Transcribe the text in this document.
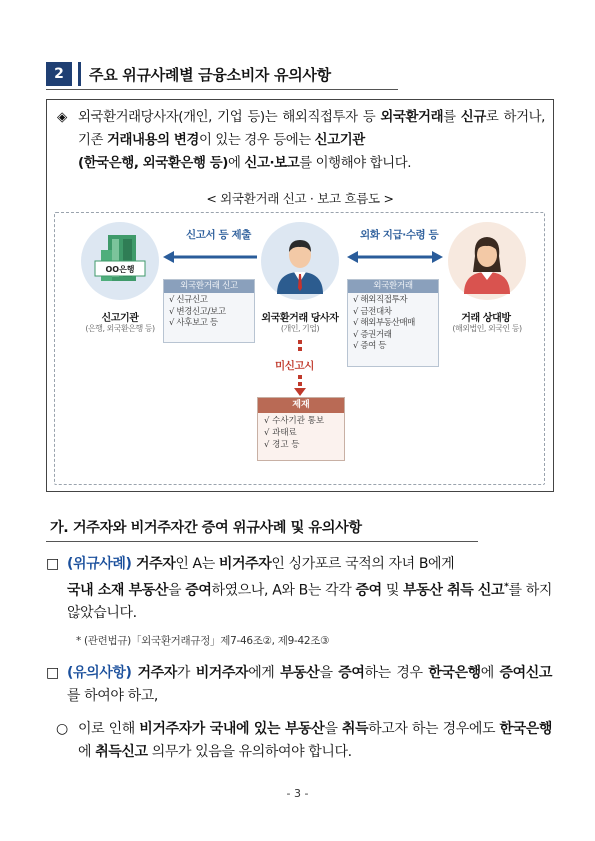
2	주요 위규사례별 금융소비자 유의사항
◈ 외국환거래당사자(개인, 기업 등)는 해외직접투자 등 외국환거래를 신규로 하거나, 기존 거래내용의 변경이 있는 경우 등에는 신고기관
(한국은행, 외국환은행 등)에 신고·보고를 이행해야 합니다.
< 외국환거래 신고 · 보고 흐름도 >
OO은행
신고기관
(은행, 외국환은행 등)
외국환거래 당사자
(개인, 기업)
거래 상대방
(해외법인, 외국인 등)
신고서 등 제출	외화 지급·수령 등
외국환거래 신고
√ 신규신고
√ 변경신고/보고
√ 사후보고 등
외국환거래
√ 해외직접투자
√ 금전대차
√ 해외부동산매매
√ 증권거래
√ 증여 등
미신고시
제재
√ 수사기관 통보
√ 과태료
√ 경고 등
가. 거주자와 비거주자간 증여 위규사례 및 유의사항
□ (위규사례) 거주자인 A는 비거주자인 싱가포르 국적의 자녀 B에게
국내 소재 부동산을 증여하였으나, A와 B는 각각 증여 및 부동산 취득 신고*를 하지 않았습니다.
* (관련법규)「외국환거래규정」제7-46조②, 제9-42조③
□ (유의사항) 거주자가 비거주자에게 부동산을 증여하는 경우 한국은행에 증여신고를 하여야 하고,
○ 이로 인해 비거주자가 국내에 있는 부동산을 취득하고자 하는 경우에도 한국은행에 취득신고 의무가 있음을 유의하여야 합니다.
- 3 -
